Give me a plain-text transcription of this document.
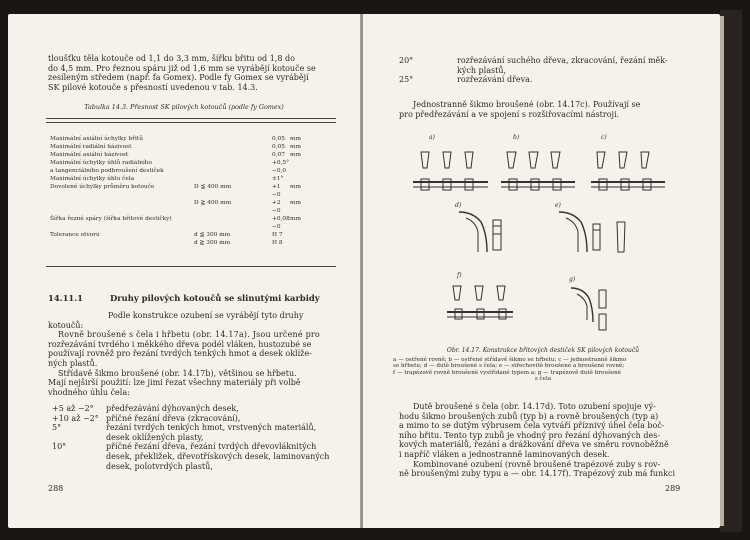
tloušťku těla kotouče od 1,1 do 3,3 mm, šířku břitu od 1,8 do

do 4,5 mm. Pro řeznou spáru již od 1,6 mm se vyrábějí kotouče se

zesíleným středem (např. fa Gomex). Podle fy Gomex se vyrábějí

SK pilové kotouče s přesností uvedenou v tab. 14.3.

Tabulka 14.3. Přesnost SK pilových kotoučů (podle fy Gomex)
Maximální axiální úchylky břitů	0,05 mm
Maximální radiální házivost	0,05 mm
Maximální axiální házivost	0,07 mm
Maximální úchylky úhlů radiálního	+0,5°
a tangenciálního podbroušení destiček	−0,0
Maximální úchylky úhlu čela	±1°
Dovolené úchylky průměru kotouče	D ≦ 400 mm	+1 mm
−0
D ≧ 400 mm	+2 mm
−0
Šířka řezné spáry (šířka břitové destičky)	+0,08 mm
−0
Tolerance otvoru	d ≦ 300 mm	H 7
d ≧ 300 mm	H 8
14.11.1	Druhy pilových kotoučů se slinutými karbidy

Podle konstrukce ozubení se vyrábějí tyto druhy

kotoučů:

Rovně broušené s čela i hřbetu (obr. 14.17a). Jsou určené pro

rozřezávání tvrdého i měkkého dřeva podél vláken, hustozubé se

používají rovněž pro řezání tvrdých tenkých hmot a desek oklíže-

ných plastů.

Střídavě šikmo broušené (obr. 14.17b), většinou se hřbetu.

Mají nejširší použití: lze jimi řezat všechny materiály při volbě

vhodného úhlu čela:

+5 až −2° předřezávání dýhovaných desek,
+10 až −2° příčné řezání dřeva (zkracování),
5°	řezání tvrdých tenkých hmot, vrstvených materiálů,
desek oklížených plasty,
10°	příčné řezání dřeva, řezání tvrdých dřevovláknitých
desek, překližek, dřevotřískových desek, laminovaných
desek, polotvrdých plastů,
288
20°	rozřezávání suchého dřeva, zkracování, řezání měk-
kých plastů,
25°	rozřezávání dřeva.

Jednostranně šikmo broušené (obr. 14.17c). Používají se

pro předřezávání a ve spojení s rozšiřovacími nástroji.

a)	b)	c)
d)	e)
f)
g)
Obr. 14.17. Konstrukce břitových destiček SK pilových kotoučů
a — ostřené rovně; b — ostřené střídavě šikmo se hřbetu; c — jednostranně šikmo
se hřbetu; d — dutě broušené s čela; e — střechovitě broušené a broušené rovně;
f — trapézově rovně broušené vystřídané typem a; g — trapézově dutě broušené
s čela

Dutě broušené s čela (obr. 14.17d). Toto ozubení spojuje vý-

hodu šikmo broušených zubů (typ b) a rovně broušených (typ a)

a mimo to se dutým výbrusem čela vytváří příznivý úhel čela boč-

ního břitu. Tento typ zubů je vhodný pro řezání dýhovaných des-

kových materiálů, řezání a drážkování dřeva ve směru rovnoběžně

i napříč vláken a jednostranně laminovaných desek.

Kombinované ozubení (rovně broušené trapézové zuby s rov-

ně broušenými zuby typu a — obr. 14.17f). Trapézový zub má funkci

289
